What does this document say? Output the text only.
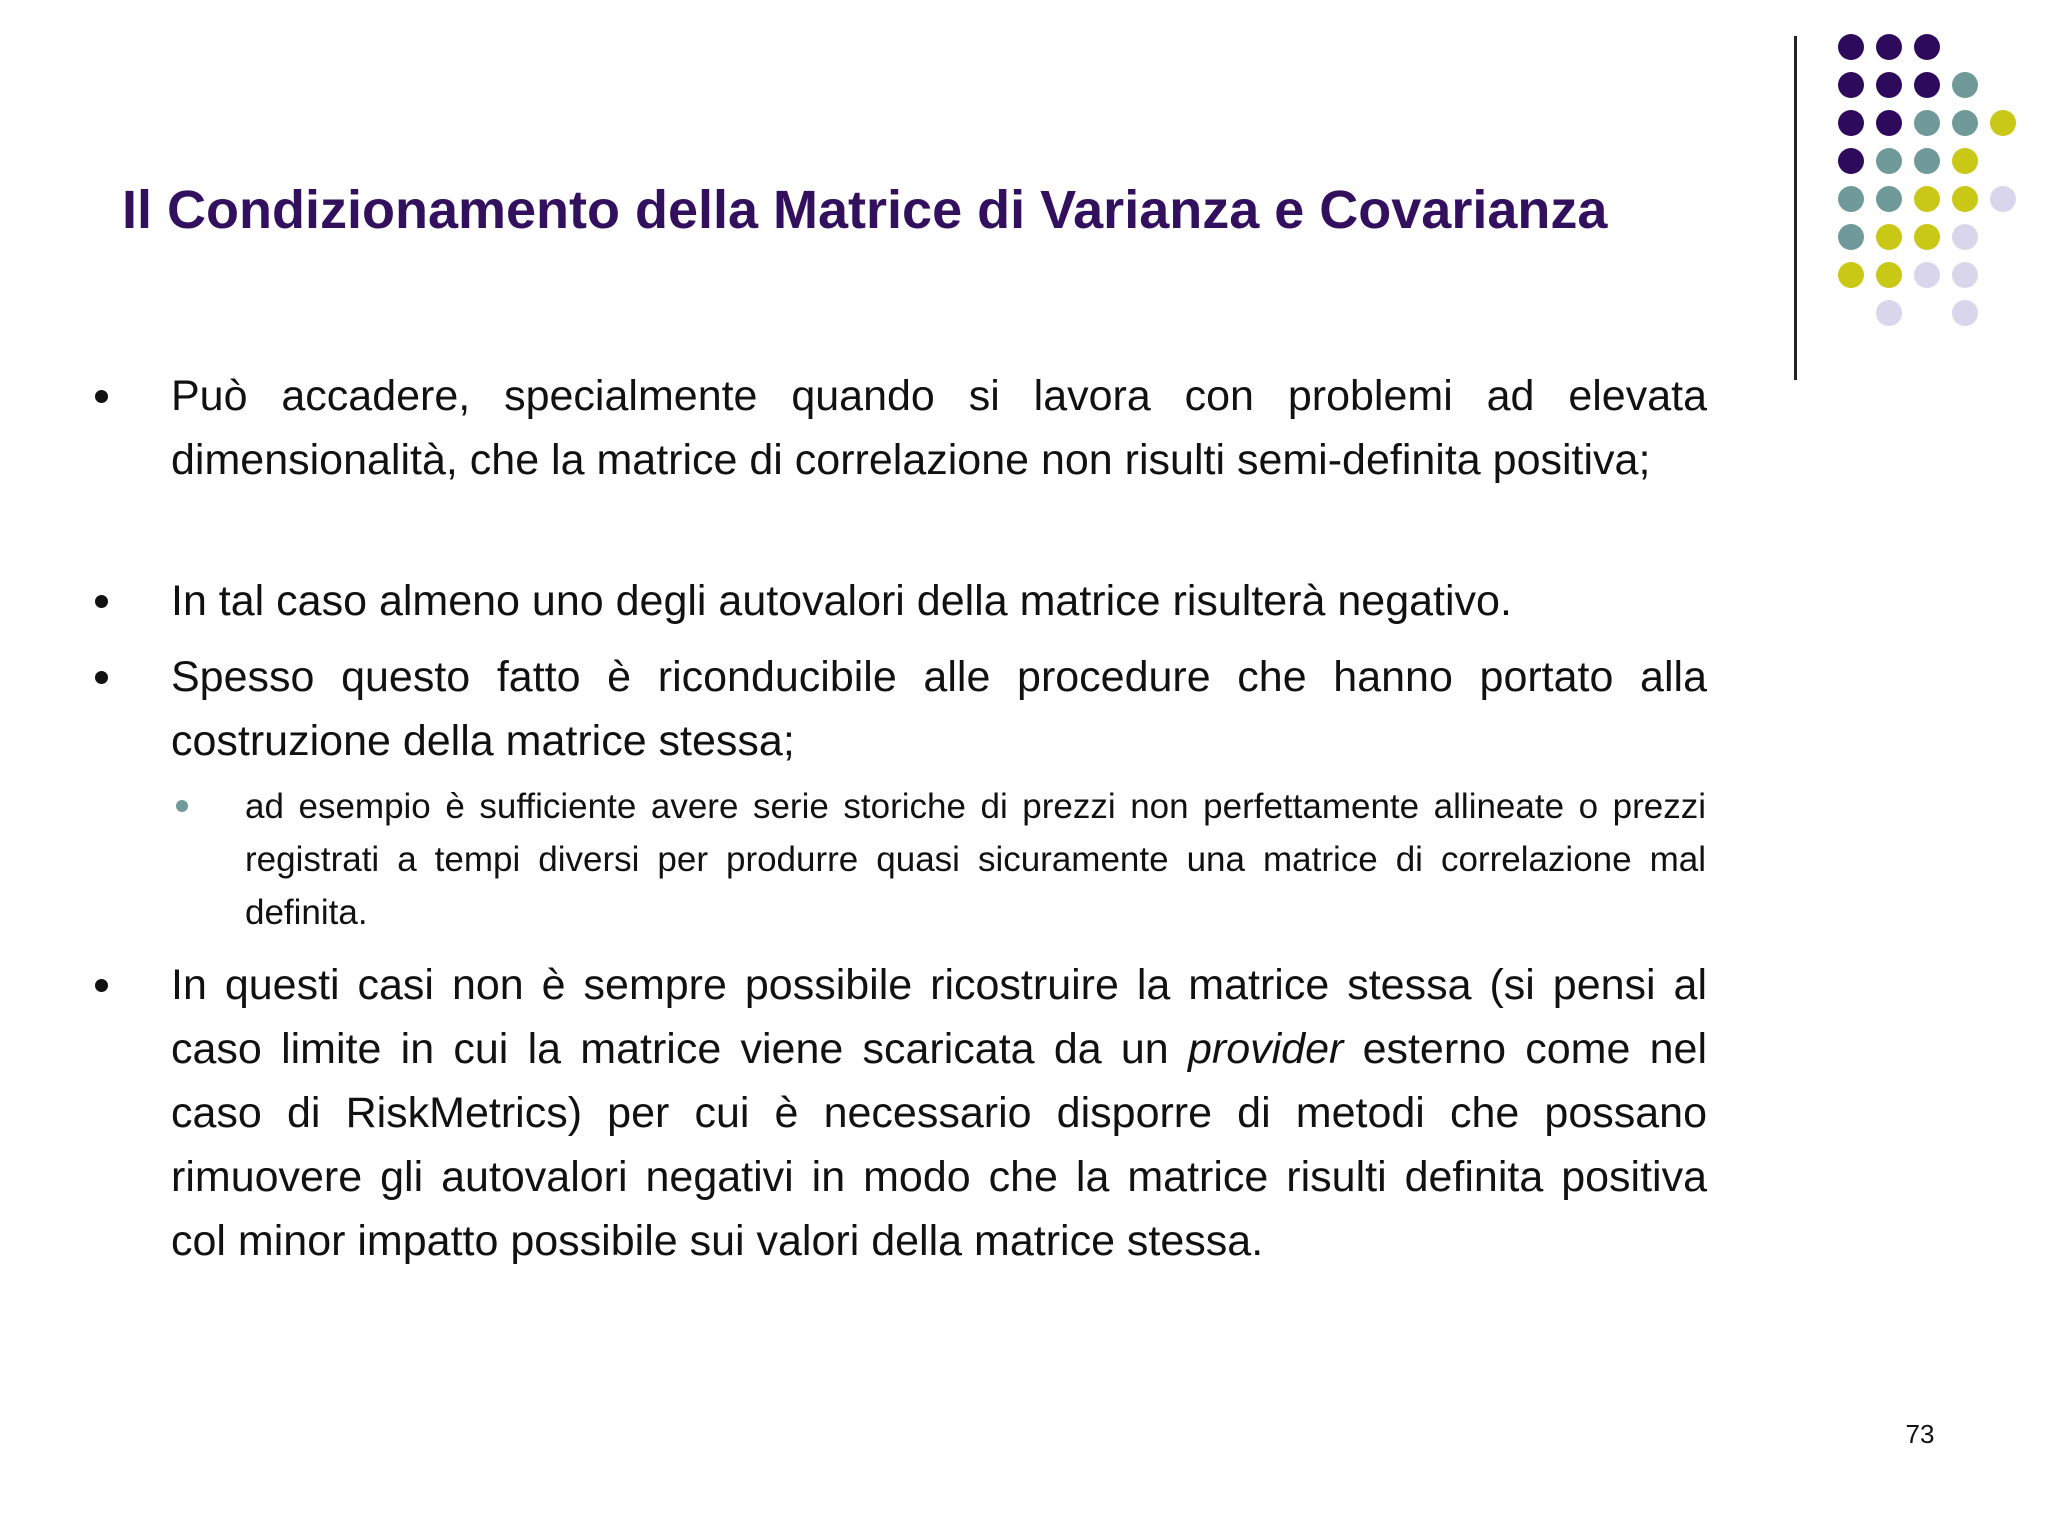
Il Condizionamento della Matrice di Varianza e Covarianza
Può accadere, specialmente quando si lavora con problemi ad elevata dimensionalità, che la matrice di correlazione non risulti semi-definita positiva;
In tal caso almeno uno degli autovalori della matrice risulterà negativo.
Spesso questo fatto è riconducibile alle procedure che hanno portato alla costruzione della matrice stessa;
ad esempio è sufficiente avere serie storiche di prezzi non perfettamente allineate o prezzi registrati a tempi diversi per produrre quasi sicuramente una matrice di correlazione mal definita.
In questi casi non è sempre possibile ricostruire la matrice stessa (si pensi al caso limite in cui la matrice viene scaricata da un provider esterno come nel caso di RiskMetrics) per cui è necessario disporre di metodi che possano rimuovere gli autovalori negativi in modo che la matrice risulti definita positiva col minor impatto possibile sui valori della matrice stessa.
73
